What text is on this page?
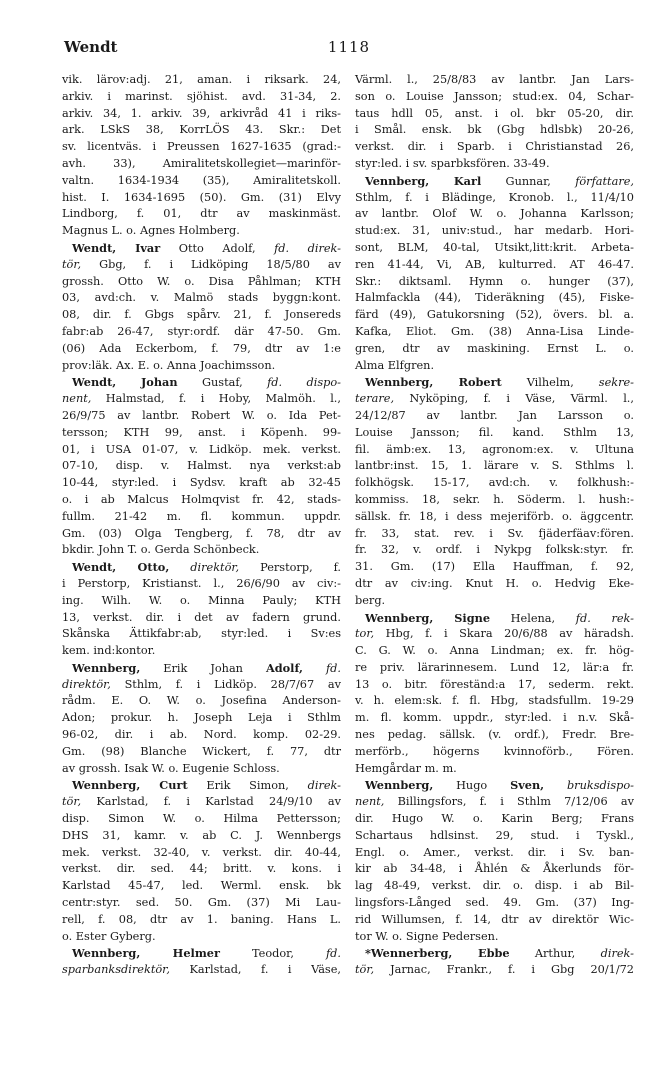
Wendt	1118
vik. lärov:adj. 21, aman. i riksark. 24,
arkiv. i marinst. sjöhist. avd. 31-34, 2.
arkiv. 34, 1. arkiv. 39, arkivråd 41 i riks-
ark. LSkS 38, KorrLÖS 43. Skr.: Det
sv. licentväs. i Preussen 1627-1635 (grad:-
avh. 33), Amiralitetskollegiet—marinför-
valtn. 1634-1934 (35), Amiralitetskoll.
hist. I. 1634-1695 (50). Gm. (31) Elvy
Lindborg, f. 01, dtr av maskinmäst.
Magnus L. o. Agnes Holmberg.
Wendt, Ivar Otto Adolf, fd. direk-
tör, Gbg, f. i Lidköping 18/5/80 av
grossh. Otto W. o. Disa Påhlman; KTH
03, avd:ch. v. Malmö stads byggn:kont.
08, dir. f. Gbgs spårv. 21, f. Jonsereds
fabr:ab 26-47, styr:ordf. där 47-50. Gm.
(06) Ada Eckerbom, f. 79, dtr av 1:e
prov:läk. Ax. E. o. Anna Joachimsson.
Wendt, Johan Gustaf, fd. dispo-
nent, Halmstad, f. i Hoby, Malmöh. l.,
26/9/75 av lantbr. Robert W. o. Ida Pet-
tersson; KTH 99, anst. i Köpenh. 99-
01, i USA 01-07, v. Lidköp. mek. verkst.
07-10, disp. v. Halmst. nya verkst:ab
10-44, styr:led. i Sydsv. kraft ab 32-45
o. i ab Malcus Holmqvist fr. 42, stads-
fullm. 21-42 m. fl. kommun. uppdr.
Gm. (03) Olga Tengberg, f. 78, dtr av
bkdir. John T. o. Gerda Schönbeck.
Wendt, Otto, direktör, Perstorp, f.
i Perstorp, Kristianst. l., 26/6/90 av civ:-
ing. Wilh. W. o. Minna Pauly; KTH
13, verkst. dir. i det av fadern grund.
Skånska Ättikfabr:ab, styr:led. i Sv:es
kem. ind:kontor.
Wennberg, Erik Johan Adolf, fd.
direktör, Sthlm, f. i Lidköp. 28/7/67 av
rådm. E. O. W. o. Josefina Anderson-
Adon; prokur. h. Joseph Leja i Sthlm
96-02, dir. i ab. Nord. komp. 02-29.
Gm. (98) Blanche Wickert, f. 77, dtr
av grossh. Isak W. o. Eugenie Schloss.
Wennberg, Curt Erik Simon, direk-
tör, Karlstad, f. i Karlstad 24/9/10 av
disp. Simon W. o. Hilma Pettersson;
DHS 31, kamr. v. ab C. J. Wennbergs
mek. verkst. 32-40, v. verkst. dir. 40-44,
verkst. dir. sed. 44; britt. v. kons. i
Karlstad 45-47, led. Werml. ensk. bk
centr:styr. sed. 50. Gm. (37) Mi Lau-
rell, f. 08, dtr av 1. baning. Hans L.
o. Ester Gyberg.
Wennberg, Helmer Teodor, fd.
sparbanksdirektör, Karlstad, f. i Väse,
Värml. l., 25/8/83 av lantbr. Jan Lars-
son o. Louise Jansson; stud:ex. 04, Schar-
taus hdll 05, anst. i ol. bkr 05-20, dir.
i Smål. ensk. bk (Gbg hdlsbk) 20-26,
verkst. dir. i Sparb. i Christianstad 26,
styr:led. i sv. sparbksfören. 33-49.
Vennberg, Karl Gunnar, författare,
Sthlm, f. i Blädinge, Kronob. l., 11/4/10
av lantbr. Olof W. o. Johanna Karlsson;
stud:ex. 31, univ:stud., har medarb. Hori-
sont, BLM, 40-tal, Utsikt,litt:krit. Arbeta-
ren 41-44, Vi, AB, kulturred. AT 46-47.
Skr.: diktsaml. Hymn o. hunger (37),
Halmfackla (44), Tideräkning (45), Fiske-
färd (49), Gatukorsning (52), övers. bl. a.
Kafka, Eliot. Gm. (38) Anna-Lisa Linde-
gren, dtr av maskining. Ernst L. o.
Alma Elfgren.
Wennberg, Robert Vilhelm, sekre-
terare, Nyköping, f. i Väse, Värml. l.,
24/12/87 av lantbr. Jan Larsson o.
Louise Jansson; fil. kand. Sthlm 13,
fil. ämb:ex. 13, agronom:ex. v. Ultuna
lantbr:inst. 15, 1. lärare v. S. Sthlms l.
folkhögsk. 15-17, avd:ch. v. folkhush:-
kommiss. 18, sekr. h. Söderm. l. hush:-
sällsk. fr. 18, i dess mejeriförb. o. äggcentr.
fr. 33, stat. rev. i Sv. fjäderfäav:fören.
fr. 32, v. ordf. i Nykpg folksk:styr. fr.
31. Gm. (17) Ella Hauffman, f. 92,
dtr av civ:ing. Knut H. o. Hedvig Eke-
berg.
Wennberg, Signe Helena, fd. rek-
tor, Hbg, f. i Skara 20/6/88 av häradsh.
C. G. W. o. Anna Lindman; ex. fr. hög-
re priv. lärarinnesem. Lund 12, lär:a fr.
13 o. bitr. föreständ:a 17, sederm. rekt.
v. h. elem:sk. f. fl. Hbg, stadsfullm. 19-29
m. fl. komm. uppdr., styr:led. i n.v. Skå-
nes pedag. sällsk. (v. ordf.), Fredr. Bre-
merförb., högerns kvinnoförb., Fören.
Hemgårdar m. m.
Wennberg, Hugo Sven, bruksdispo-
nent, Billingsfors, f. i Sthlm 7/12/06 av
dir. Hugo W. o. Karin Berg; Frans
Schartaus hdlsinst. 29, stud. i Tyskl.,
Engl. o. Amer., verkst. dir. i Sv. ban-
kir ab 34-48, i Åhlén & Åkerlunds för-
lag 48-49, verkst. dir. o. disp. i ab Bil-
lingsfors-Långed sed. 49. Gm. (37) Ing-
rid Willumsen, f. 14, dtr av direktör Wic-
tor W. o. Signe Pedersen.
*Wennerberg, Ebbe Arthur, direk-
tör, Jarnac, Frankr., f. i Gbg 20/1/72
